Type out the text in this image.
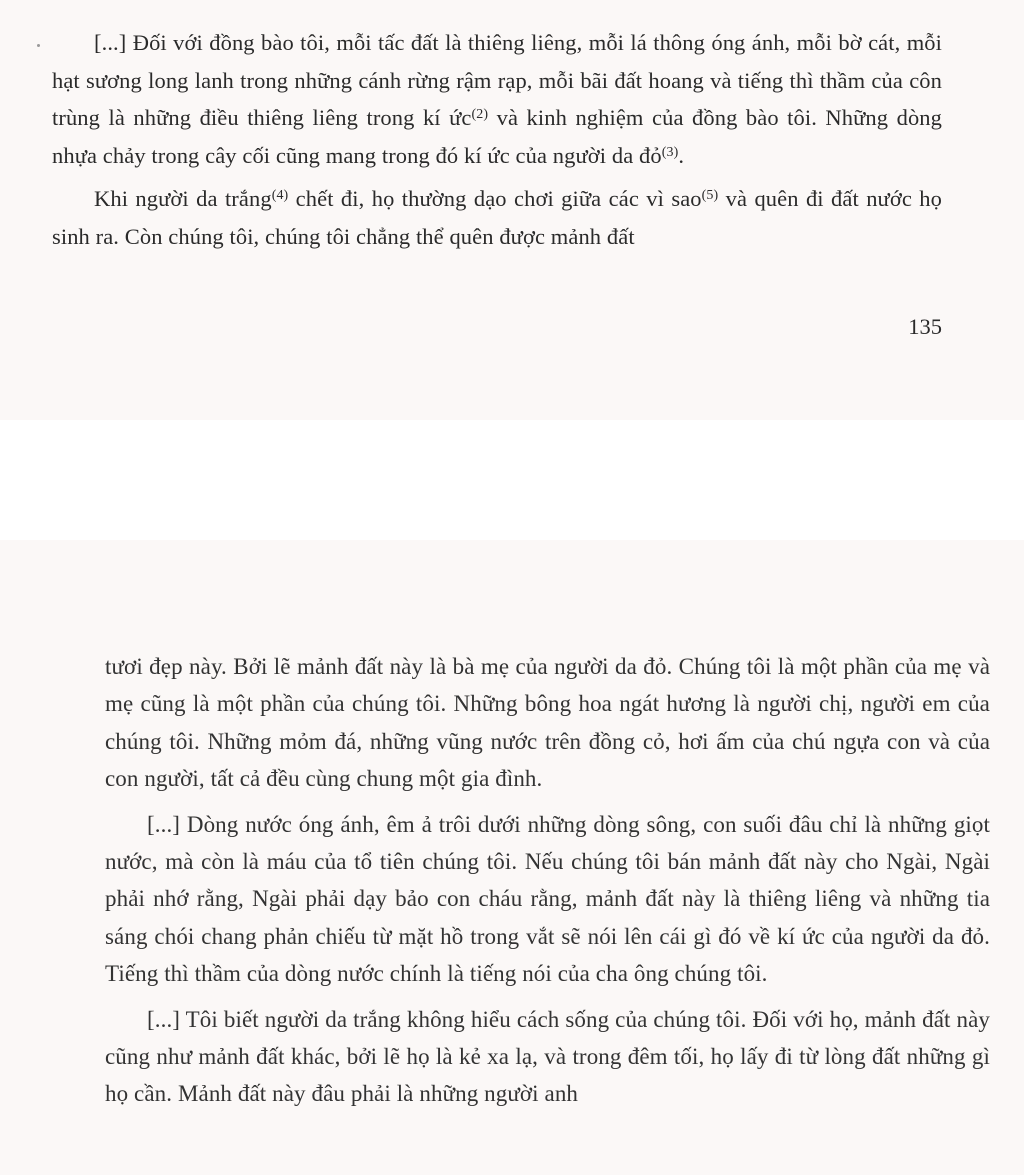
[...] Đối với đồng bào tôi, mỗi tấc đất là thiêng liêng, mỗi lá thông óng ánh, mỗi bờ cát, mỗi hạt sương long lanh trong những cánh rừng rậm rạp, mỗi bãi đất hoang và tiếng thì thầm của côn trùng là những điều thiêng liêng trong kí ức$^{(2)}$ và kinh nghiệm của đồng bào tôi. Những dòng nhựa chảy trong cây cối cũng mang trong đó kí ức của người da đỏ$^{(3)}$.

Khi người da trắng$^{(4)}$ chết đi, họ thường dạo chơi giữa các vì sao$^{(5)}$ và quên đi đất nước họ sinh ra. Còn chúng tôi, chúng tôi chẳng thể quên được mảnh đất

135

tươi đẹp này. Bởi lẽ mảnh đất này là bà mẹ của người da đỏ. Chúng tôi là một phần của mẹ và mẹ cũng là một phần của chúng tôi. Những bông hoa ngát hương là người chị, người em của chúng tôi. Những mỏm đá, những vũng nước trên đồng cỏ, hơi ấm của chú ngựa con và của con người, tất cả đều cùng chung một gia đình.

[...] Dòng nước óng ánh, êm ả trôi dưới những dòng sông, con suối đâu chỉ là những giọt nước, mà còn là máu của tổ tiên chúng tôi. Nếu chúng tôi bán mảnh đất này cho Ngài, Ngài phải nhớ rằng, Ngài phải dạy bảo con cháu rằng, mảnh đất này là thiêng liêng và những tia sáng chói chang phản chiếu từ mặt hồ trong vắt sẽ nói lên cái gì đó về kí ức của người da đỏ. Tiếng thì thầm của dòng nước chính là tiếng nói của cha ông chúng tôi.

[...] Tôi biết người da trắng không hiểu cách sống của chúng tôi. Đối với họ, mảnh đất này cũng như mảnh đất khác, bởi lẽ họ là kẻ xa lạ, và trong đêm tối, họ lấy đi từ lòng đất những gì họ cần. Mảnh đất này đâu phải là những người anh
